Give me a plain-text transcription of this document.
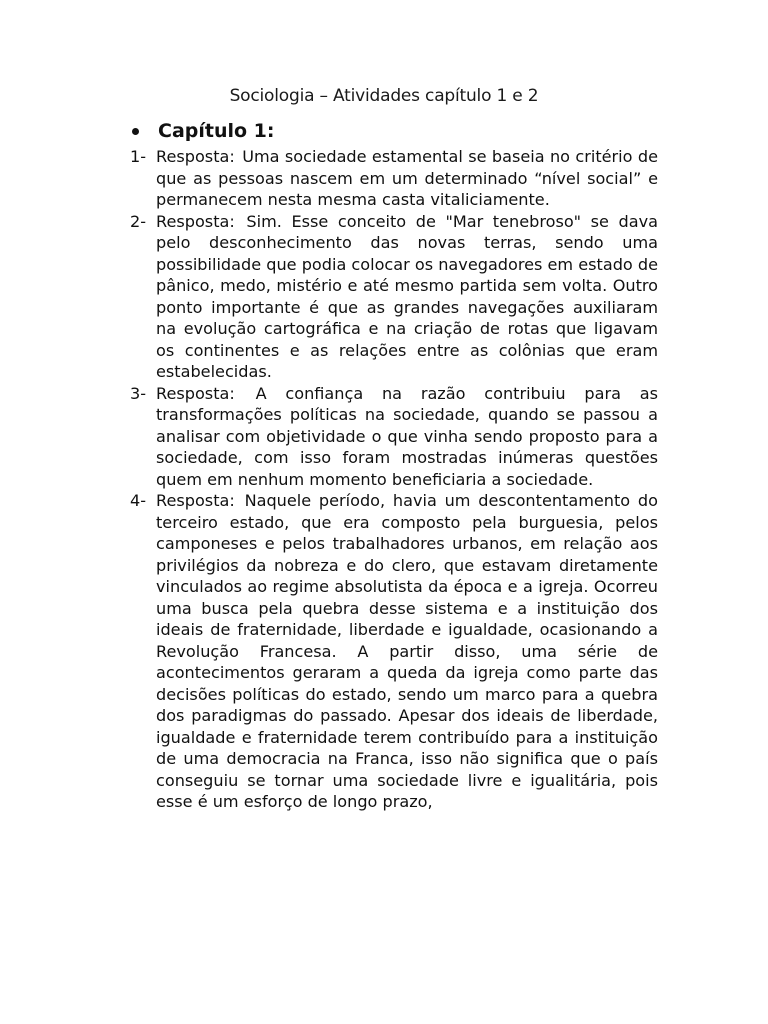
Sociologia – Atividades capítulo 1 e 2
Capítulo 1:
1- Resposta: Uma sociedade estamental se baseia no critério de que as pessoas nascem em um determinado “nível social” e permanecem nesta mesma casta vitaliciamente.
2- Resposta: Sim. Esse conceito de "Mar tenebroso" se dava pelo desconhecimento das novas terras, sendo uma possibilidade que podia colocar os navegadores em estado de pânico, medo, mistério e até mesmo partida sem volta. Outro ponto importante é que as grandes navegações auxiliaram na evolução cartográfica e na criação de rotas que ligavam os continentes e as relações entre as colônias que eram estabelecidas.
3- Resposta: A confiança na razão contribuiu para as transformações políticas na sociedade, quando se passou a analisar com objetividade o que vinha sendo proposto para a sociedade, com isso foram mostradas inúmeras questões quem em nenhum momento beneficiaria a sociedade.
4- Resposta: Naquele período, havia um descontentamento do terceiro estado, que era composto pela burguesia, pelos camponeses e pelos trabalhadores urbanos, em relação aos privilégios da nobreza e do clero, que estavam diretamente vinculados ao regime absolutista da época e a igreja. Ocorreu uma busca pela quebra desse sistema e a instituição dos ideais de fraternidade, liberdade e igualdade, ocasionando a Revolução Francesa. A partir disso, uma série de acontecimentos geraram a queda da igreja como parte das decisões políticas do estado, sendo um marco para a quebra dos paradigmas do passado. Apesar dos ideais de liberdade, igualdade e fraternidade terem contribuído para a instituição de uma democracia na Franca, isso não significa que o país conseguiu se tornar uma sociedade livre e igualitária, pois esse é um esforço de longo prazo,
